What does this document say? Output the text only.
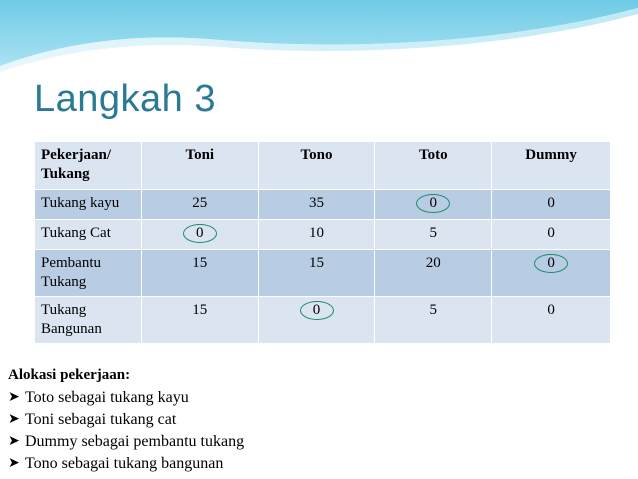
Langkah 3
Pekerjaan/ Tukang	Toni	Tono	Toto	Dummy
Tukang kayu	25	35	0	0
Tukang Cat	0	10	5	0
Pembantu Tukang	15	15	20	0
Tukang Bangunan	15	0	5	0
Alokasi pekerjaan:
➤ Toto sebagai tukang kayu
➤ Toni sebagai tukang cat
➤ Dummy sebagai pembantu tukang
➤ Tono sebagai tukang bangunan
